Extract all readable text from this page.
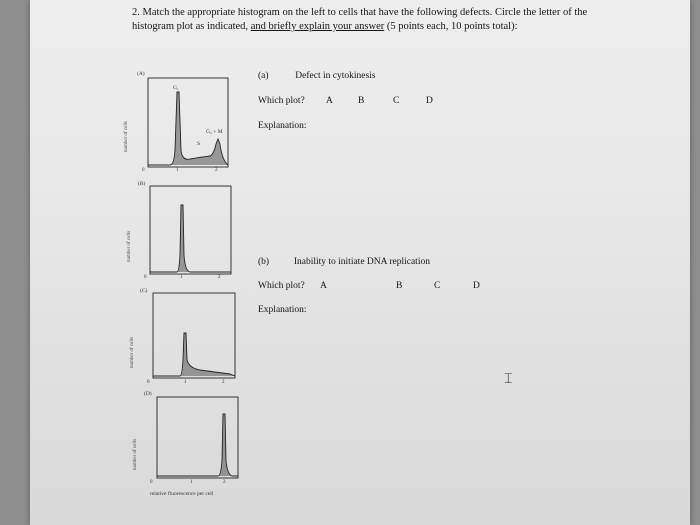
2. Match the appropriate histogram on the left to cells that have the following defects. Circle the letter of the histogram plot as indicated, and briefly explain your answer (5 points each, 10 points total):
(a)	Defect in cytokinesis
Which plot? A	B	C	D
Explanation:
(b)	Inability to initiate DNA replication
Which plot? A	B	C	D
Explanation:
(A)
(B)
(C)
(D)
number of cells
number of cells
number of cells
number of cells
G₁
S
G₂ + M
0	1	2
0	1	2
0	1	2
0	1	2
relative fluorescence per cell
⌶
